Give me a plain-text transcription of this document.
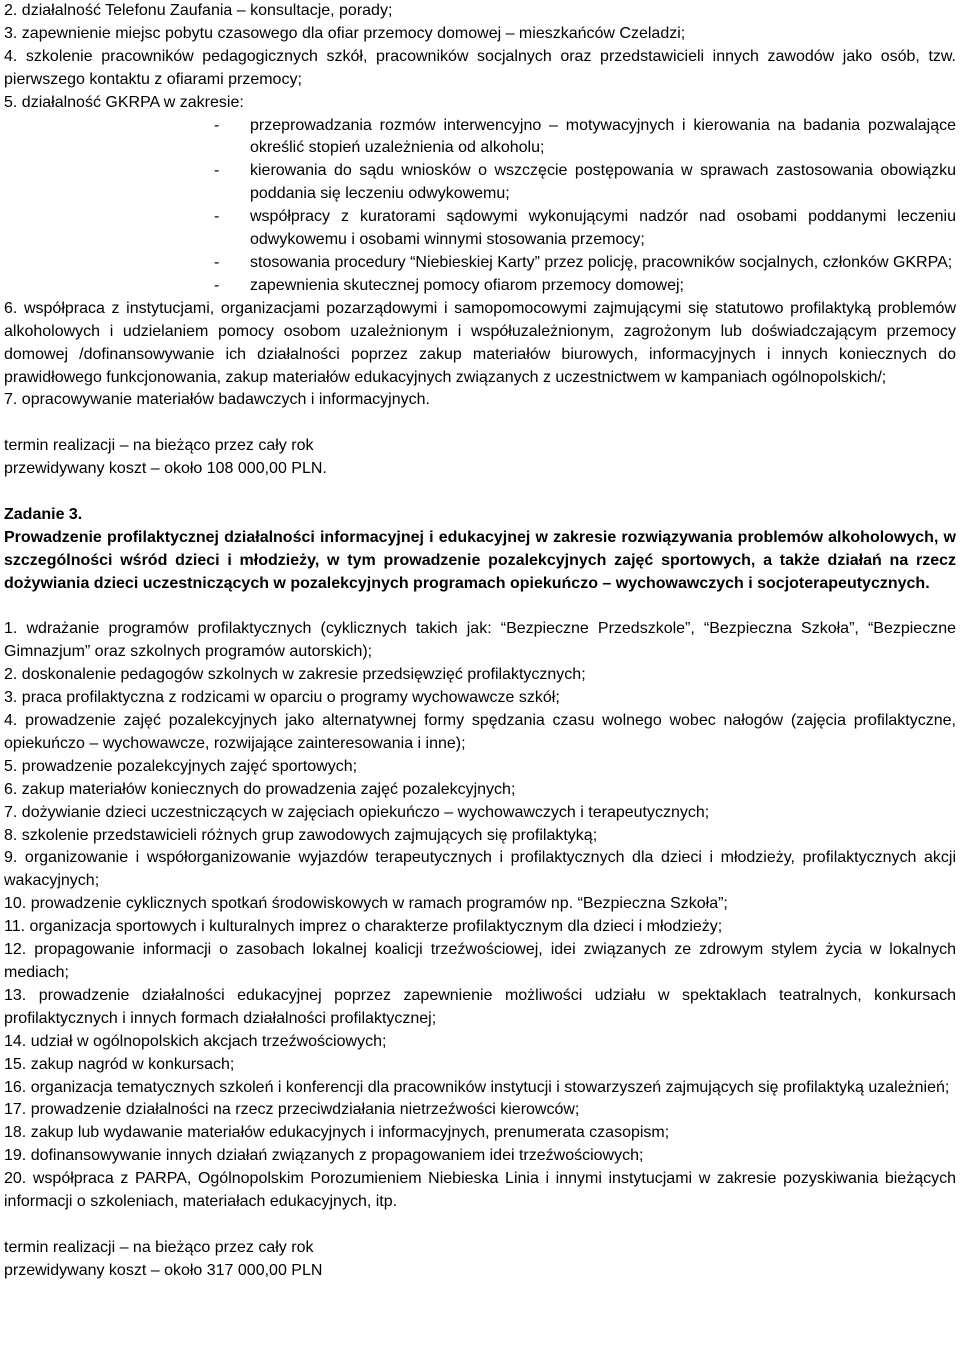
2. działalność Telefonu Zaufania – konsultacje, porady;

3. zapewnienie miejsc pobytu czasowego dla ofiar przemocy domowej – mieszkańców Czeladzi;

4. szkolenie pracowników pedagogicznych szkół, pracowników socjalnych oraz przedstawicieli innych zawodów jako osób, tzw. pierwszego kontaktu z ofiarami przemocy;

5. działalność GKRPA w zakresie:

- przeprowadzania rozmów interwencyjno – motywacyjnych i kierowania na badania pozwalające określić stopień uzależnienia od alkoholu;
- kierowania do sądu wniosków o wszczęcie postępowania w sprawach zastosowania obowiązku poddania się leczeniu odwykowemu;
- współpracy z kuratorami sądowymi wykonującymi nadzór nad osobami poddanymi leczeniu odwykowemu i osobami winnymi stosowania przemocy;
- stosowania procedury “Niebieskiej Karty” przez policję, pracowników socjalnych, członków GKRPA;
- zapewnienia skutecznej pomocy ofiarom przemocy domowej;

6. współpraca z instytucjami, organizacjami pozarządowymi i samopomocowymi zajmującymi się statutowo profilaktyką problemów alkoholowych i udzielaniem pomocy osobom uzależnionym i współuzależnionym, zagrożonym lub doświadczającym przemocy domowej /dofinansowywanie ich działalności poprzez zakup materiałów biurowych, informacyjnych i innych koniecznych do prawidłowego funkcjonowania, zakup materiałów edukacyjnych związanych z uczestnictwem w kampaniach ogólnopolskich/;

7. opracowywanie materiałów badawczych i informacyjnych.

termin realizacji – na bieżąco przez cały rok

przewidywany koszt – około 108 000,00 PLN.

Zadanie 3.

Prowadzenie profilaktycznej działalności informacyjnej i edukacyjnej w zakresie rozwiązywania problemów alkoholowych, w szczególności wśród dzieci i młodzieży, w tym prowadzenie pozalekcyjnych zajęć sportowych, a także działań na rzecz dożywiania dzieci uczestniczących w pozalekcyjnych programach opiekuńczo – wychowawczych i socjoterapeutycznych.

1. wdrażanie programów profilaktycznych (cyklicznych takich jak: “Bezpieczne Przedszkole”, “Bezpieczna Szkoła”, “Bezpieczne Gimnazjum” oraz szkolnych programów autorskich);

2. doskonalenie pedagogów szkolnych w zakresie przedsięwzięć profilaktycznych;

3. praca profilaktyczna z rodzicami w oparciu o programy wychowawcze szkół;

4. prowadzenie zajęć pozalekcyjnych jako alternatywnej formy spędzania czasu wolnego wobec nałogów (zajęcia profilaktyczne, opiekuńczo – wychowawcze, rozwijające zainteresowania i inne);

5. prowadzenie pozalekcyjnych zajęć sportowych;

6. zakup materiałów koniecznych do prowadzenia zajęć pozalekcyjnych;

7. dożywianie dzieci uczestniczących w zajęciach opiekuńczo – wychowawczych i terapeutycznych;

8. szkolenie przedstawicieli różnych grup zawodowych zajmujących się profilaktyką;

9. organizowanie i współorganizowanie wyjazdów terapeutycznych i profilaktycznych dla dzieci i młodzieży, profilaktycznych akcji wakacyjnych;

10. prowadzenie cyklicznych spotkań środowiskowych w ramach programów np. “Bezpieczna Szkoła”;

11. organizacja sportowych i kulturalnych imprez o charakterze profilaktycznym dla dzieci i młodzieży;

12. propagowanie informacji o zasobach lokalnej koalicji trzeźwościowej, idei związanych ze zdrowym stylem życia w lokalnych mediach;

13. prowadzenie działalności edukacyjnej poprzez zapewnienie możliwości udziału w spektaklach teatralnych, konkursach profilaktycznych i innych formach działalności profilaktycznej;

14. udział w ogólnopolskich akcjach trzeźwościowych;

15. zakup nagród w konkursach;

16. organizacja tematycznych szkoleń i konferencji dla pracowników instytucji i stowarzyszeń zajmujących się profilaktyką uzależnień;

17. prowadzenie działalności na rzecz przeciwdziałania nietrzeźwości kierowców;

18. zakup lub wydawanie materiałów edukacyjnych i informacyjnych, prenumerata czasopism;

19. dofinansowywanie innych działań związanych z propagowaniem idei trzeźwościowych;

20. współpraca z PARPA, Ogólnopolskim Porozumieniem Niebieska Linia i innymi instytucjami w zakresie pozyskiwania bieżących informacji o szkoleniach, materiałach edukacyjnych, itp.

termin realizacji – na bieżąco przez cały rok

przewidywany koszt – około 317 000,00 PLN
